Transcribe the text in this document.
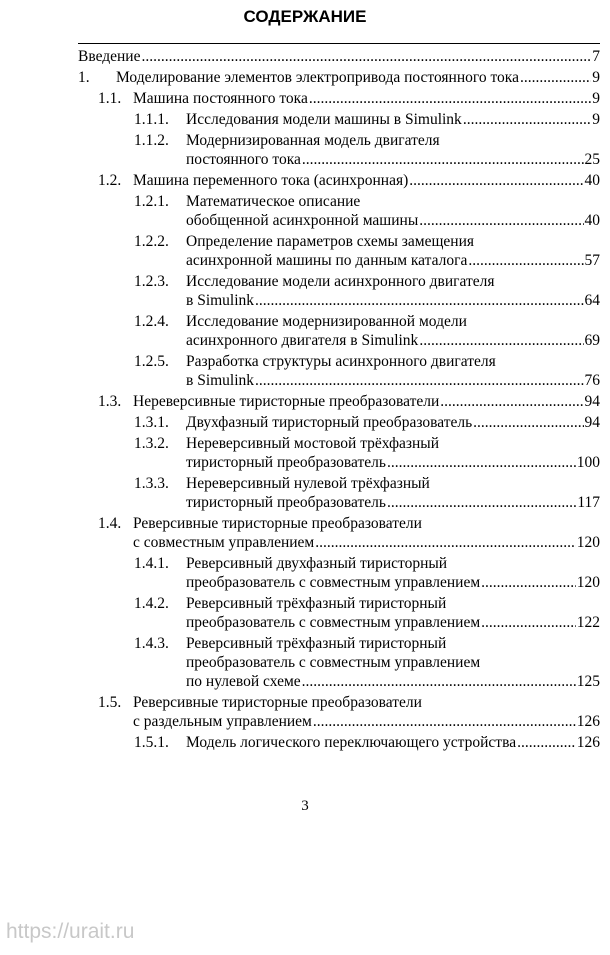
СОДЕРЖАНИЕ
Введение .....	7
1. Моделирование элементов электропривода постоянного тока .....	9
1.1. Машина постоянного тока .....	9
1.1.1. Исследования модели машины в Simulink .....	9
1.1.2. Модернизированная модель двигателя
постоянного тока .....	25
1.2. Машина переменного тока (асинхронная) .....	40
1.2.1. Математическое описание
обобщенной асинхронной машины .....	40
1.2.2. Определение параметров схемы замещения
асинхронной машины по данным каталога .....	57
1.2.3. Исследование модели асинхронного двигателя
в Simulink .....	64
1.2.4. Исследование модернизированной модели
асинхронного двигателя в Simulink .....	69
1.2.5. Разработка структуры асинхронного двигателя
в Simulink .....	76
1.3. Нереверсивные тиристорные преобразователи .....	94
1.3.1. Двухфазный тиристорный преобразователь .....	94
1.3.2. Нереверсивный мостовой трёхфазный
тиристорный преобразователь .....	100
1.3.3. Нереверсивный нулевой трёхфазный
тиристорный преобразователь .....	117
1.4. Реверсивные тиристорные преобразователи
с совместным управлением .....	120
1.4.1. Реверсивный двухфазный тиристорный
преобразователь с совместным управлением .....	120
1.4.2. Реверсивный трёхфазный тиристорный
преобразователь с совместным управлением .....	122
1.4.3. Реверсивный трёхфазный тиристорный
преобразователь с совместным управлением
по нулевой схеме .....	125
1.5. Реверсивные тиристорные преобразователи
с раздельным управлением .....	126
1.5.1. Модель логического переключающего устройства .....	126
3
https://urait.ru
